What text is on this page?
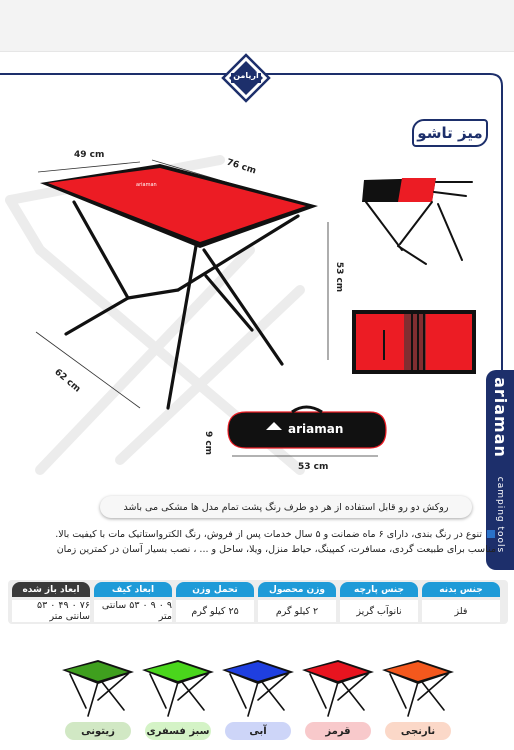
آریامن
میز تاشو
ariaman
49 cm
76 cm
53 cm
62 cm
ariaman
9 cm
53 cm
ariaman
camping tools
روکش دو رو قابل استفاده از هر دو طرف رنگ پشت تمام مدل ها مشکی می باشد
تنوع در رنگ بندی، دارای ۶ ماه ضمانت و ۵ سال خدمات پس از فروش، رنگ الکترواستاتیک مات با کیفیت بالا.
مناسب برای طبیعت گردی، مسافرت، کمپینگ، حیاط منزل، ویلا، ساحل و ... ، نصب بسیار آسان در کمترین زمان
جنس بدنه
فلز
جنس پارچه
نانوآب گریز
وزن محصول
۲ کیلو گرم
تحمل وزن
۲۵ کیلو گرم
ابعاد کیف
۹ ۰ ۹ ۰ ۵۳ سانتی متر
ابعاد باز شده
۷۶ ۰ ۴۹ ۰ ۵۳ سانتی متر
نارنجی
قرمز
آبی
سبز فسفری
زیتونی
